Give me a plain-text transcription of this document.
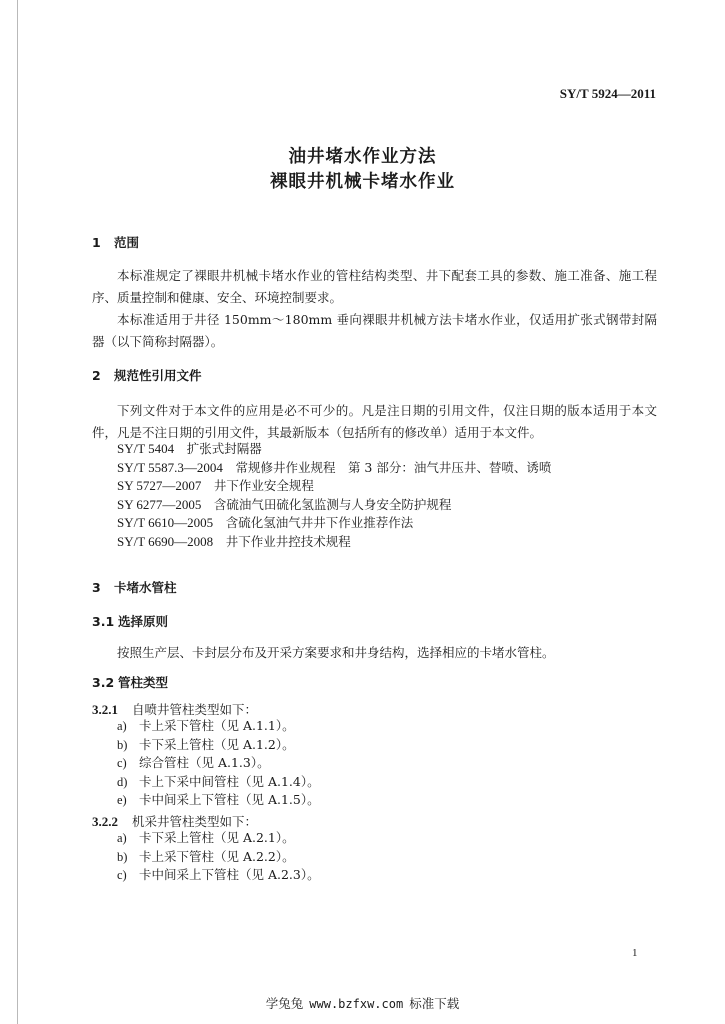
SY/T 5924—2011
油井堵水作业方法
裸眼井机械卡堵水作业
1 范围

本标准规定了裸眼井机械卡堵水作业的管柱结构类型、井下配套工具的参数、施工准备、施工程序、质量控制和健康、安全、环境控制要求。

本标准适用于井径 150mm～180mm 垂向裸眼井机械方法卡堵水作业，仅适用扩张式钢带封隔器（以下简称封隔器）。

2 规范性引用文件

下列文件对于本文件的应用是必不可少的。凡是注日期的引用文件，仅注日期的版本适用于本文件，凡是不注日期的引用文件，其最新版本（包括所有的修改单）适用于本文件。

SY/T 5404　 扩张式封隔器
SY/T 5587.3—2004　 常规修井作业规程　第 3 部分：油气井压井、替喷、诱喷
SY 5727—2007　 井下作业安全规程
SY 6277—2005　 含硫油气田硫化氢监测与人身安全防护规程
SY/T 6610—2005　 含硫化氢油气井井下作业推荐作法
SY/T 6690—2008　 井下作业井控技术规程
3 卡堵水管柱
3.1 选择原则
按照生产层、卡封层分布及开采方案要求和井身结构，选择相应的卡堵水管柱。
3.2 管柱类型
3.2.1 自喷井管柱类型如下：
a) 卡上采下管柱（见 A.1.1）。
b) 卡下采上管柱（见 A.1.2）。
c) 综合管柱（见 A.1.3）。
d) 卡上下采中间管柱（见 A.1.4）。
e) 卡中间采上下管柱（见 A.1.5）。
3.2.2 机采井管柱类型如下：
a) 卡下采上管柱（见 A.2.1）。
b) 卡上采下管柱（见 A.2.2）。
c) 卡中间采上下管柱（见 A.2.3）。
1
学兔兔 www.bzfxw.com 标准下载
